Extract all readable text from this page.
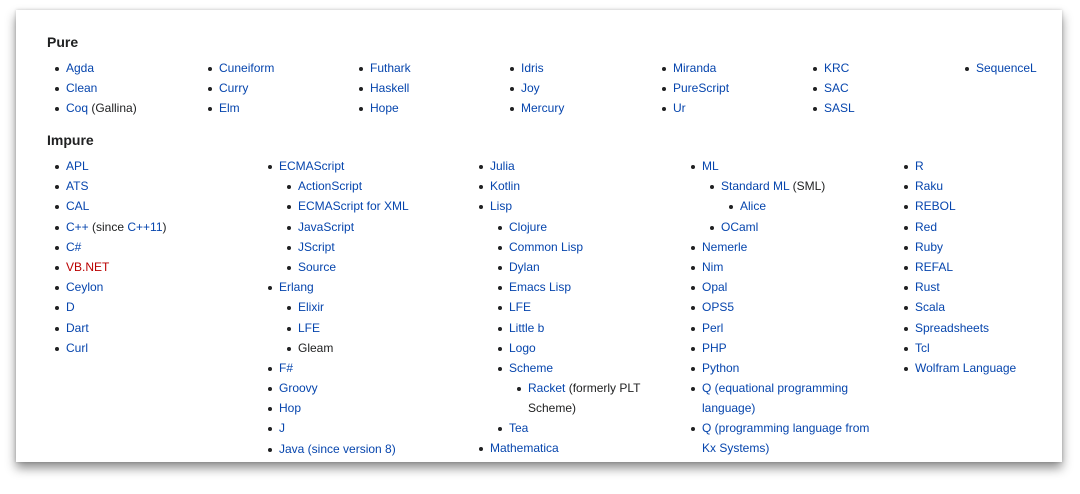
Pure
Agda
Clean
Coq (Gallina)
Cuneiform
Curry
Elm
Futhark
Haskell
Hope
Idris
Joy
Mercury
Miranda
PureScript
Ur
KRC
SAC
SASL
SequenceL
Impure
APL
ATS
CAL
C++ (since C++11)
C#
VB.NET
Ceylon
D
Dart
Curl
ECMAScript
ActionScript
ECMAScript for XML
JavaScript
JScript
Source
Erlang
Elixir
LFE
Gleam
F#
Groovy
Hop
J
Java (since version 8)
Julia
Kotlin
Lisp
Clojure
Common Lisp
Dylan
Emacs Lisp
LFE
Little b
Logo
Scheme
Racket (formerly PLT Scheme)
Tea
Mathematica
ML
Standard ML (SML)
Alice
OCaml
Nemerle
Nim
Opal
OPS5
Perl
PHP
Python
Q (equational programming language)
Q (programming language from Kx Systems)
R
Raku
REBOL
Red
Ruby
REFAL
Rust
Scala
Spreadsheets
Tcl
Wolfram Language
